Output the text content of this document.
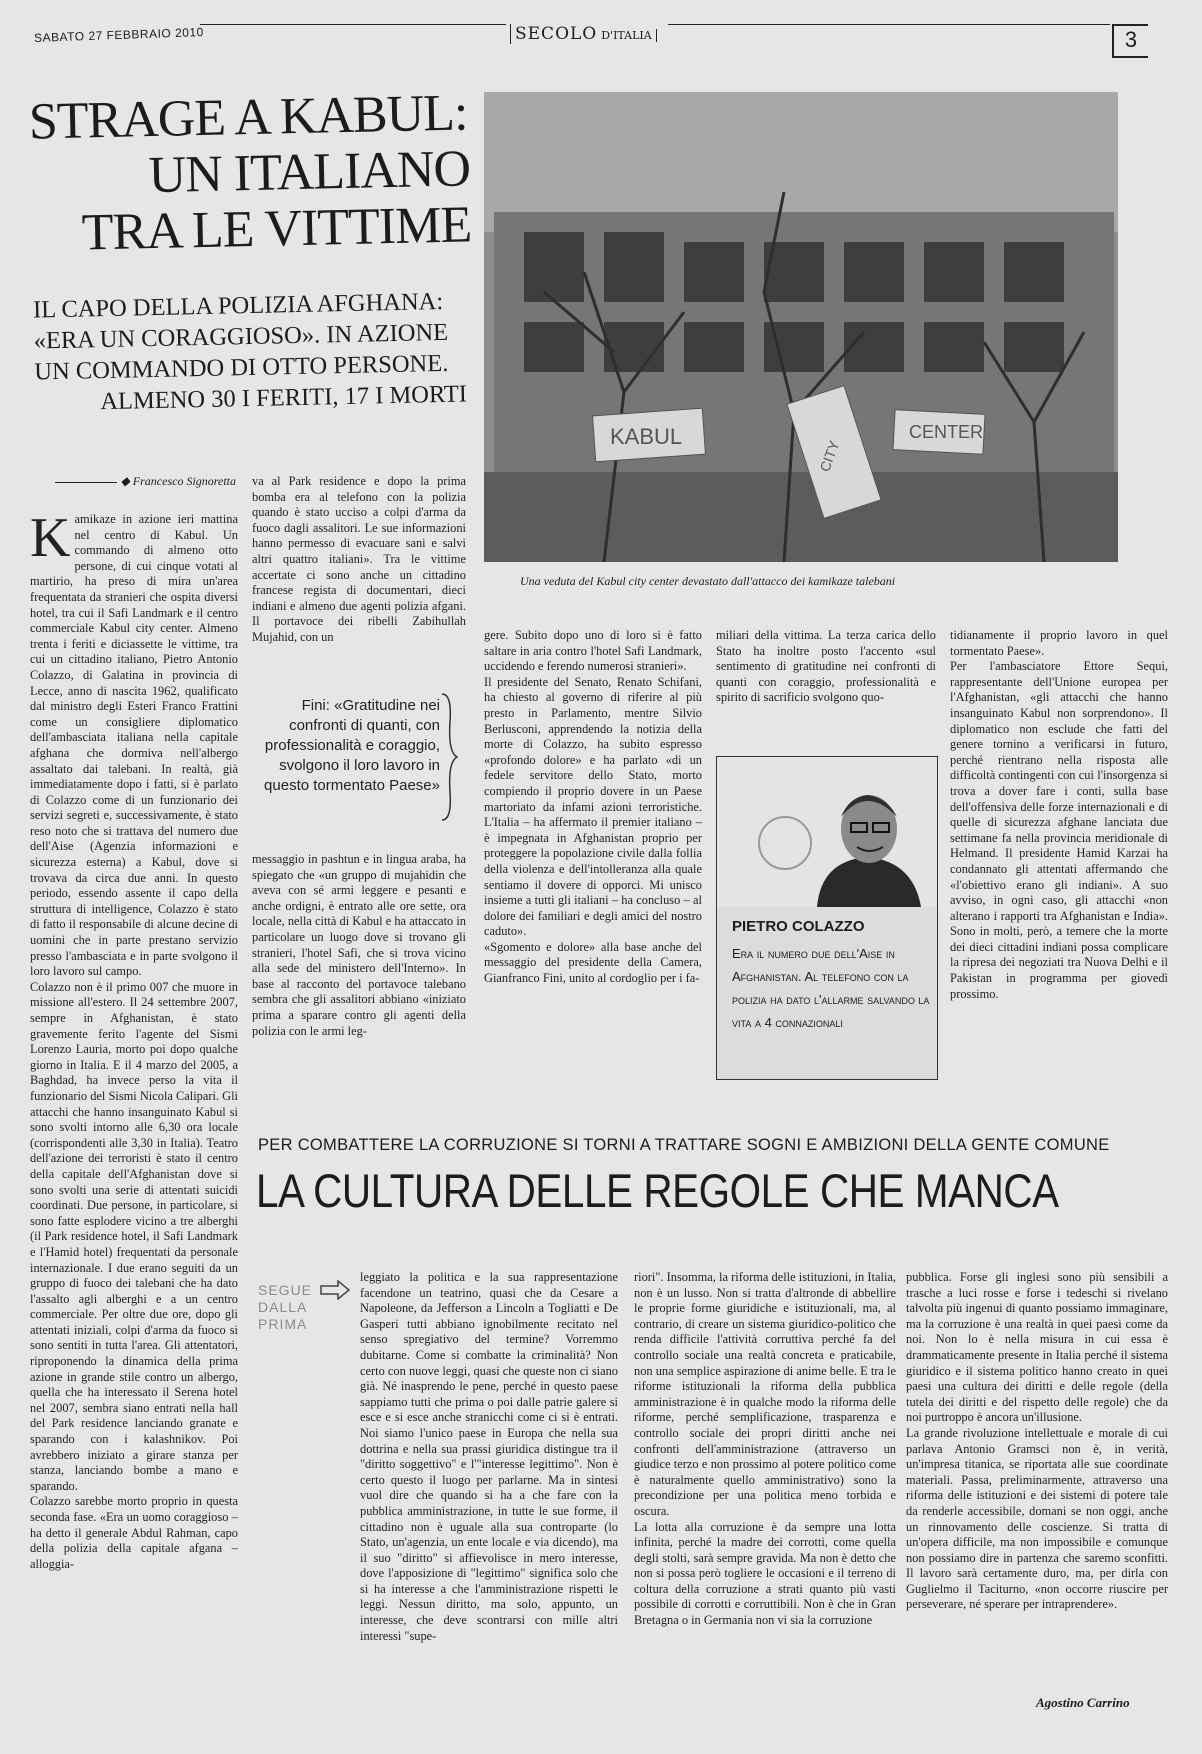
SABATO 27 FEBBRAIO 2010	SECOLO D'ITALIA	3
STRAGE A KABUL:
UN ITALIANO
TRA LE VITTIME
IL CAPO DELLA POLIZIA AFGHANA:
«ERA UN CORAGGIOSO». IN AZIONE
UN COMMANDO DI OTTO PERSONE.
ALMENO 30 I FERITI, 17 I MORTI
KABUL
CITY
CENTER
Una veduta del Kabul city center devastato dall'attacco dei kamikaze talebani
◆ Francesco Signoretta
Kamikaze in azione ieri mattina nel centro di Kabul. Un commando di almeno otto persone, di cui cinque votati al martirio, ha preso di mira un'area frequentata da stranieri che ospita diversi hotel, tra cui il Safi Landmark e il centro commerciale Kabul city center. Almeno trenta i feriti e diciassette le vittime, tra cui un cittadino italiano, Pietro Antonio Colazzo, di Galatina in provincia di Lecce, anno di nascita 1962, qualificato dal ministro degli Esteri Franco Frattini come un consigliere diplomatico dell'ambasciata italiana nella capitale afghana che dormiva nell'albergo assaltato dai talebani. In realtà, già immediatamente dopo i fatti, si è parlato di Colazzo come di un funzionario dei servizi segreti e, successivamente, è stato reso noto che si trattava del numero due dell'Aise (Agenzia informazioni e sicurezza esterna) a Kabul, dove si trovava da circa due anni. In questo periodo, essendo assente il capo della struttura di intelligence, Colazzo è stato di fatto il responsabile di alcune decine di uomini che in parte prestano servizio presso l'ambasciata e in parte svolgono il loro lavoro sul campo.
Colazzo non è il primo 007 che muore in missione all'estero. Il 24 settembre 2007, sempre in Afghanistan, è stato gravemente ferito l'agente del Sismi Lorenzo Lauria, morto poi dopo qualche giorno in Italia. E il 4 marzo del 2005, a Baghdad, ha invece perso la vita il funzionario del Sismi Nicola Calipari. Gli attacchi che hanno insanguinato Kabul si sono svolti intorno alle 6,30 ora locale (corrispondenti alle 3,30 in Italia). Teatro dell'azione dei terroristi è stato il centro della capitale dell'Afghanistan dove si sono svolti una serie di attentati suicidi coordinati. Due persone, in particolare, si sono fatte esplodere vicino a tre alberghi (il Park residence hotel, il Safi Landmark e l'Hamid hotel) frequentati da personale internazionale. I due erano seguiti da un gruppo di fuoco dei talebani che ha dato l'assalto agli alberghi e a un centro commerciale. Per oltre due ore, dopo gli attentati iniziali, colpi d'arma da fuoco si sono sentiti in tutta l'area. Gli attentatori, riproponendo la dinamica della prima azione in grande stile contro un albergo, quella che ha interessato il Serena hotel nel 2007, sembra siano entrati nella hall del Park residence lanciando granate e sparando con i kalashnikov. Poi avrebbero iniziato a girare stanza per stanza, lanciando bombe a mano e sparando.
Colazzo sarebbe morto proprio in questa seconda fase. «Era un uomo coraggioso – ha detto il generale Abdul Rahman, capo della polizia della capitale afgana – alloggia-
va al Park residence e dopo la prima bomba era al telefono con la polizia quando è stato ucciso a colpi d'arma da fuoco dagli assalitori. Le sue informazioni hanno permesso di evacuare sani e salvi altri quattro italiani». Tra le vittime accertate ci sono anche un cittadino francese regista di documentari, dieci indiani e almeno due agenti polizia afgani. Il portavoce dei ribelli Zabihullah Mujahid, con un
Fini: «Gratitudine nei confronti di quanti, con professionalità e coraggio, svolgono il loro lavoro in questo tormentato Paese»
messaggio in pashtun e in lingua araba, ha spiegato che «un gruppo di mujahidin che aveva con sé armi leggere e pesanti e anche ordigni, è entrato alle ore sette, ora locale, nella città di Kabul e ha attaccato in particolare un luogo dove si trovano gli stranieri, l'hotel Safi, che si trova vicino alla sede del ministero dell'Interno». In base al racconto del portavoce talebano sembra che gli assalitori abbiano «iniziato prima a sparare contro gli agenti della polizia con le armi leg-
gere. Subito dopo uno di loro si è fatto saltare in aria contro l'hotel Safi Landmark, uccidendo e ferendo numerosi stranieri».
Il presidente del Senato, Renato Schifani, ha chiesto al governo di riferire al più presto in Parlamento, mentre Silvio Berlusconi, apprendendo la notizia della morte di Colazzo, ha subito espresso «profondo dolore» e ha parlato «di un fedele servitore dello Stato, morto compiendo il proprio dovere in un Paese martoriato da infami azioni terroristiche. L'Italia – ha affermato il premier italiano – è impegnata in Afghanistan proprio per proteggere la popolazione civile dalla follia della violenza e dell'intolleranza alla quale sentiamo il dovere di opporci. Mi unisco insieme a tutti gli italiani – ha concluso – al dolore dei familiari e degli amici del nostro caduto».
«Sgomento e dolore» alla base anche del messaggio del presidente della Camera, Gianfranco Fini, unito al cordoglio per i fa-
miliari della vittima. La terza carica dello Stato ha inoltre posto l'accento «sul sentimento di gratitudine nei confronti di quanti con coraggio, professionalità e spirito di sacrificio svolgono quo-
tidianamente il proprio lavoro in quel tormentato Paese».
Per l'ambasciatore Ettore Sequi, rappresentante dell'Unione europea per l'Afghanistan, «gli attacchi che hanno insanguinato Kabul non sorprendono». Il diplomatico non esclude che fatti del genere tornino a verificarsi in futuro, perché rientrano nella risposta alle difficoltà contingenti con cui l'insorgenza si trova a dover fare i conti, sulla base dell'offensiva delle forze internazionali e di quelle di sicurezza afghane lanciata due settimane fa nella provincia meridionale di Helmand. Il presidente Hamid Karzai ha condannato gli attentati affermando che «l'obiettivo erano gli indiani». A suo avviso, in ogni caso, gli attacchi «non alterano i rapporti tra Afghanistan e India». Sono in molti, però, a temere che la morte dei dieci cittadini indiani possa complicare la ripresa dei negoziati tra Nuova Delhi e il Pakistan in programma per giovedì prossimo.
PIETRO COLAZZO
Era il numero due dell'Aise in Afghanistan. Al telefono con la polizia ha dato l'allarme salvando la vita a 4 connazionali
PER COMBATTERE LA CORRUZIONE SI TORNI A TRATTARE SOGNI E AMBIZIONI DELLA GENTE COMUNE
LA CULTURA DELLE REGOLE CHE MANCA
SEGUE DALLA PRIMA
leggiato la politica e la sua rappresentazione facendone un teatrino, quasi che da Cesare a Napoleone, da Jefferson a Lincoln a Togliatti e De Gasperi tutti abbiano ignobilmente recitato nel senso spregiativo del termine? Vorremmo dubitarne. Come si combatte la criminalità? Non certo con nuove leggi, quasi che queste non ci siano già. Né inasprendo le pene, perché in questo paese sappiamo tutti che prima o poi dalle patrie galere si esce e si esce anche stranicchi come ci si è entrati. Noi siamo l'unico paese in Europa che nella sua dottrina e nella sua prassi giuridica distingue tra il "diritto soggettivo" e l'"interesse legittimo". Non è certo questo il luogo per parlarne. Ma in sintesi vuol dire che quando si ha a che fare con la pubblica amministrazione, in tutte le sue forme, il cittadino non è uguale alla sua controparte (lo Stato, un'agenzia, un ente locale e via dicendo), ma il suo "diritto" si affievolisce in mero interesse, dove l'apposizione di "legittimo" significa solo che si ha interesse a che l'amministrazione rispetti le leggi. Nessun diritto, ma solo, appunto, un interesse, che deve scontrarsi con mille altri interessi "supe-
riori". Insomma, la riforma delle istituzioni, in Italia, non è un lusso. Non si tratta d'altronde di abbellire le proprie forme giuridiche e istituzionali, ma, al contrario, di creare un sistema giuridico-politico che renda difficile l'attività corruttiva perché fa del controllo sociale una realtà concreta e praticabile, non una semplice aspirazione di anime belle. E tra le riforme istituzionali la riforma della pubblica amministrazione è in qualche modo la riforma delle riforme, perché semplificazione, trasparenza e controllo sociale dei propri diritti anche nei confronti dell'amministrazione (attraverso un giudice terzo e non prossimo al potere politico come è naturalmente quello amministrativo) sono la precondizione per una politica meno torbida e oscura.
La lotta alla corruzione è da sempre una lotta infinita, perché la madre dei corrotti, come quella degli stolti, sarà sempre gravida. Ma non è detto che non si possa però togliere le occasioni e il terreno di coltura della corruzione a strati quanto più vasti possibile di corrotti e corruttibili. Non è che in Gran Bretagna o in Germania non vi sia la corruzione
pubblica. Forse gli inglesi sono più sensibili a trasche a luci rosse e forse i tedeschi si rivelano talvolta più ingenui di quanto possiamo immaginare, ma la corruzione è una realtà in quei paesi come da noi. Non lo è nella misura in cui essa è drammaticamente presente in Italia perché il sistema giuridico e il sistema politico hanno creato in quei paesi una cultura dei diritti e delle regole (della tutela dei diritti e del rispetto delle regole) che da noi purtroppo è ancora un'illusione.
La grande rivoluzione intellettuale e morale di cui parlava Antonio Gramsci non è, in verità, un'impresa titanica, se riportata alle sue coordinate materiali. Passa, preliminarmente, attraverso una riforma delle istituzioni e dei sistemi di potere tale da renderle accessibile, domani se non oggi, anche un rinnovamento delle coscienze. Si tratta di un'opera difficile, ma non impossibile e comunque non possiamo dire in partenza che saremo sconfitti. Il lavoro sarà certamente duro, ma, per dirla con Guglielmo il Taciturno, «non occorre riuscire per perseverare, né sperare per intraprendere».
Agostino Carrino
